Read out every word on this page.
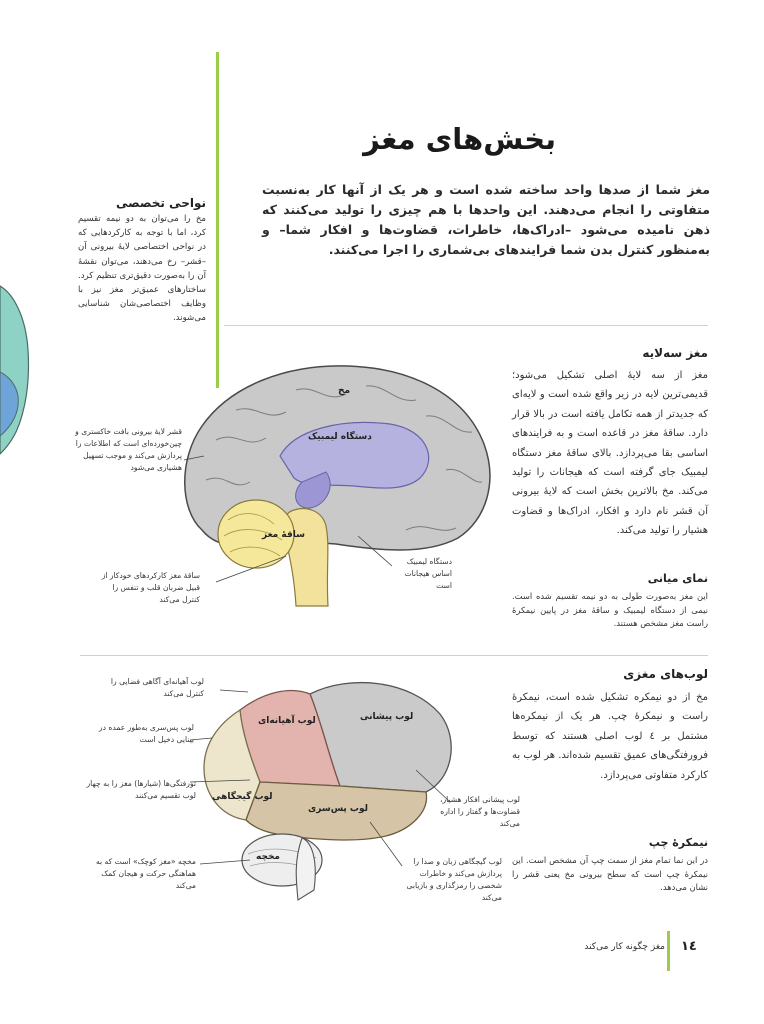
بخش‌های مغز
مغز شما از صدها واحد ساخته شده است و هر یک از آنها کار به‌نسبت متفاوتی را انجام می‌دهند. این واحدها با هم چیزی را تولید می‌کنند که ذهن نامیده می‌شود –ادراک‌ها، خاطرات، قضاوت‌ها و افکار شما– و به‌منظور کنترل بدن شما فرایندهای بی‌شماری را اجرا می‌کنند.
نواحی تخصصی
مخ را می‌توان به دو نیمه تقسیم کرد، اما با توجه به کارکردهایی که در نواحی اختصاصی لایهٔ بیرونی آن –قشر– رخ می‌دهند، می‌توان نقشهٔ آن را به‌صورت دقیق‌تری تنظیم کرد. ساختارهای عمیق‌تر مغز نیز با وظایف اختصاصی‌شان شناسایی می‌شوند.
مغز سه‌لایه
مغز از سه لایهٔ اصلی تشکیل می‌شود؛ قدیمی‌ترین لایه در زیر واقع شده است و لایه‌ای که جدیدتر از همه تکامل یافته است در بالا قرار دارد. ساقهٔ مغز در قاعده است و به فرایندهای اساسی بقا می‌پردازد. بالای ساقهٔ مغز دستگاه لیمبیک جای گرفته است که هیجانات را تولید می‌کند. مخ بالاترین بخش است که لایهٔ بیرونی آن قشر نام دارد و افکار، ادراک‌ها و قضاوت هشیار را تولید می‌کند.
نمای میانی
این مغز به‌صورت طولی به دو نیمه تقسیم شده است. نیمی از دستگاه لیمبیک و ساقهٔ مغز در پایین نیمکرهٔ راست مغز مشخص هستند.
مخ
دستگاه لیمبیک
ساقهٔ مغز
قشر لایهٔ بیرونی بافت خاکستری و چین‌خورده‌ای است که اطلاعات را پردازش می‌کند و موجب تسهیل هشیاری می‌شود
دستگاه لیمبیک اساس هیجانات است
ساقهٔ مغز کارکردهای خودکار از قبیل ضربان قلب و تنفس را کنترل می‌کند
لوب‌های مغزی
مخ از دو نیمکره تشکیل شده است، نیمکرهٔ راست و نیمکرهٔ چپ. هر یک از نیمکره‌ها مشتمل بر ٤ لوب اصلی هستند که توسط فرورفتگی‌های عمیق تقسیم شده‌اند. هر لوب به کارکرد متفاوتی می‌پردازد.
نیمکرهٔ چپ
در این نما تمام مغز از سمت چپ آن مشخص است. این نیمکرهٔ چپ است که سطح بیرونی مخ یعنی قشر را نشان می‌دهد.
لوب آهیانه‌ای	لوب پیشانی
لوب پس‌سری
لوب گیجگاهی
مخچه
لوب آهیانه‌ای آگاهی فضایی را کنترل می‌کند
لوب پس‌سری به‌طور عمده در بینایی دخیل است
تورفتگی‌ها (شیارها) مغز را به چهار لوب تقسیم می‌کنند
مخچه «مغز کوچک» است که به هماهنگی حرکت و هیجان کمک می‌کند
لوب پیشانی افکار هشیار، قضاوت‌ها و گفتار را اداره می‌کند
لوب گیجگاهی زبان و صدا را پردازش می‌کند و خاطرات شخصی را رمزگذاری و بازیابی می‌کند
١٤
مغز چگونه کار می‌کند
